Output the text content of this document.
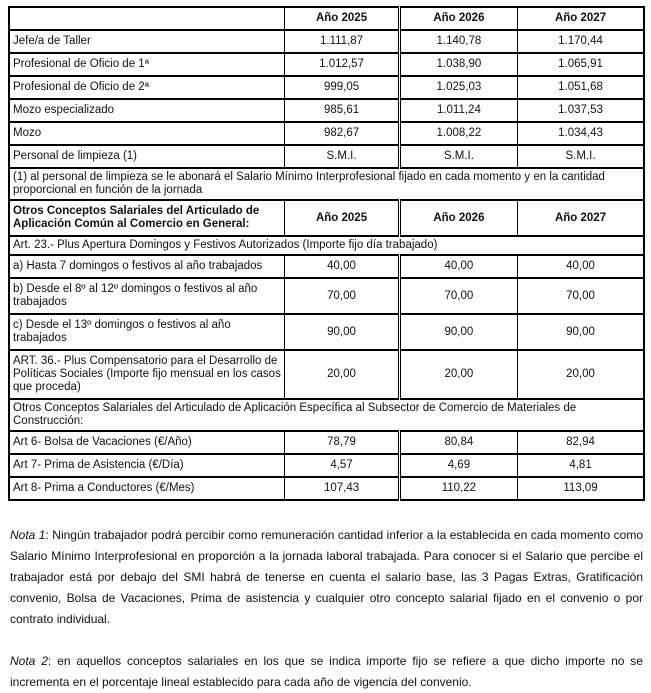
	Año 2025	Año 2026	Año 2027
Jefe/a de Taller	1.111,87	1.140,78	1.170,44
Profesional de Oficio de 1ª	1.012,57	1.038,90	1.065,91
Profesional de Oficio de 2ª	999,05	1.025,03	1.051,68
Mozo especializado	985,61	1.011,24	1.037,53
Mozo	982,67	1.008,22	1.034,43
Personal de limpieza (1)	S.M.I.	S.M.I.	S.M.I.
(1) al personal de limpieza se le abonará el Salario Mínimo Interprofesional fijado en cada momento y en la cantidad proporcional en función de la jornada			
Otros Conceptos Salariales del Articulado de Aplicación Común al Comercio en General:	Año 2025	Año 2026	Año 2027
Art. 23.- Plus Apertura Domingos y Festivos Autorizados (Importe fijo día trabajado)			
a) Hasta 7 domingos o festivos al año trabajados	40,00	40,00	40,00
b) Desde el 8º al 12º domingos o festivos al año trabajados	70,00	70,00	70,00
c) Desde el 13º domingos o festivos al año trabajados	90,00	90,00	90,00
ART. 36.- Plus Compensatorio para el Desarrollo de Políticas Sociales (Importe fijo mensual en los casos que proceda)	20,00	20,00	20,00
Otros Conceptos Salariales del Articulado de Aplicación Específica al Subsector de Comercio de Materiales de Construcción:			
Art 6- Bolsa de Vacaciones (€/Año)	78,79	80,84	82,94
Art 7- Prima de Asistencia (€/Día)	4,57	4,69	4,81
Art 8- Prima a Conductores (€/Mes)	107,43	110,22	113,09

Nota 1: Ningún trabajador podrá percibir como remuneración cantidad inferior a la establecida en cada momento como Salario Mínimo Interprofesional en proporción a la jornada laboral trabajada. Para conocer si el Salario que percibe el trabajador está por debajo del SMI habrá de tenerse en cuenta el salario base, las 3 Pagas Extras, Gratificación convenio, Bolsa de Vacaciones, Prima de asistencia y cualquier otro concepto salarial fijado en el convenio o por contrato individual.

Nota 2: en aquellos conceptos salariales en los que se indica importe fijo se refiere a que dicho importe no se incrementa en el porcentaje lineal establecido para cada año de vigencia del convenio.
